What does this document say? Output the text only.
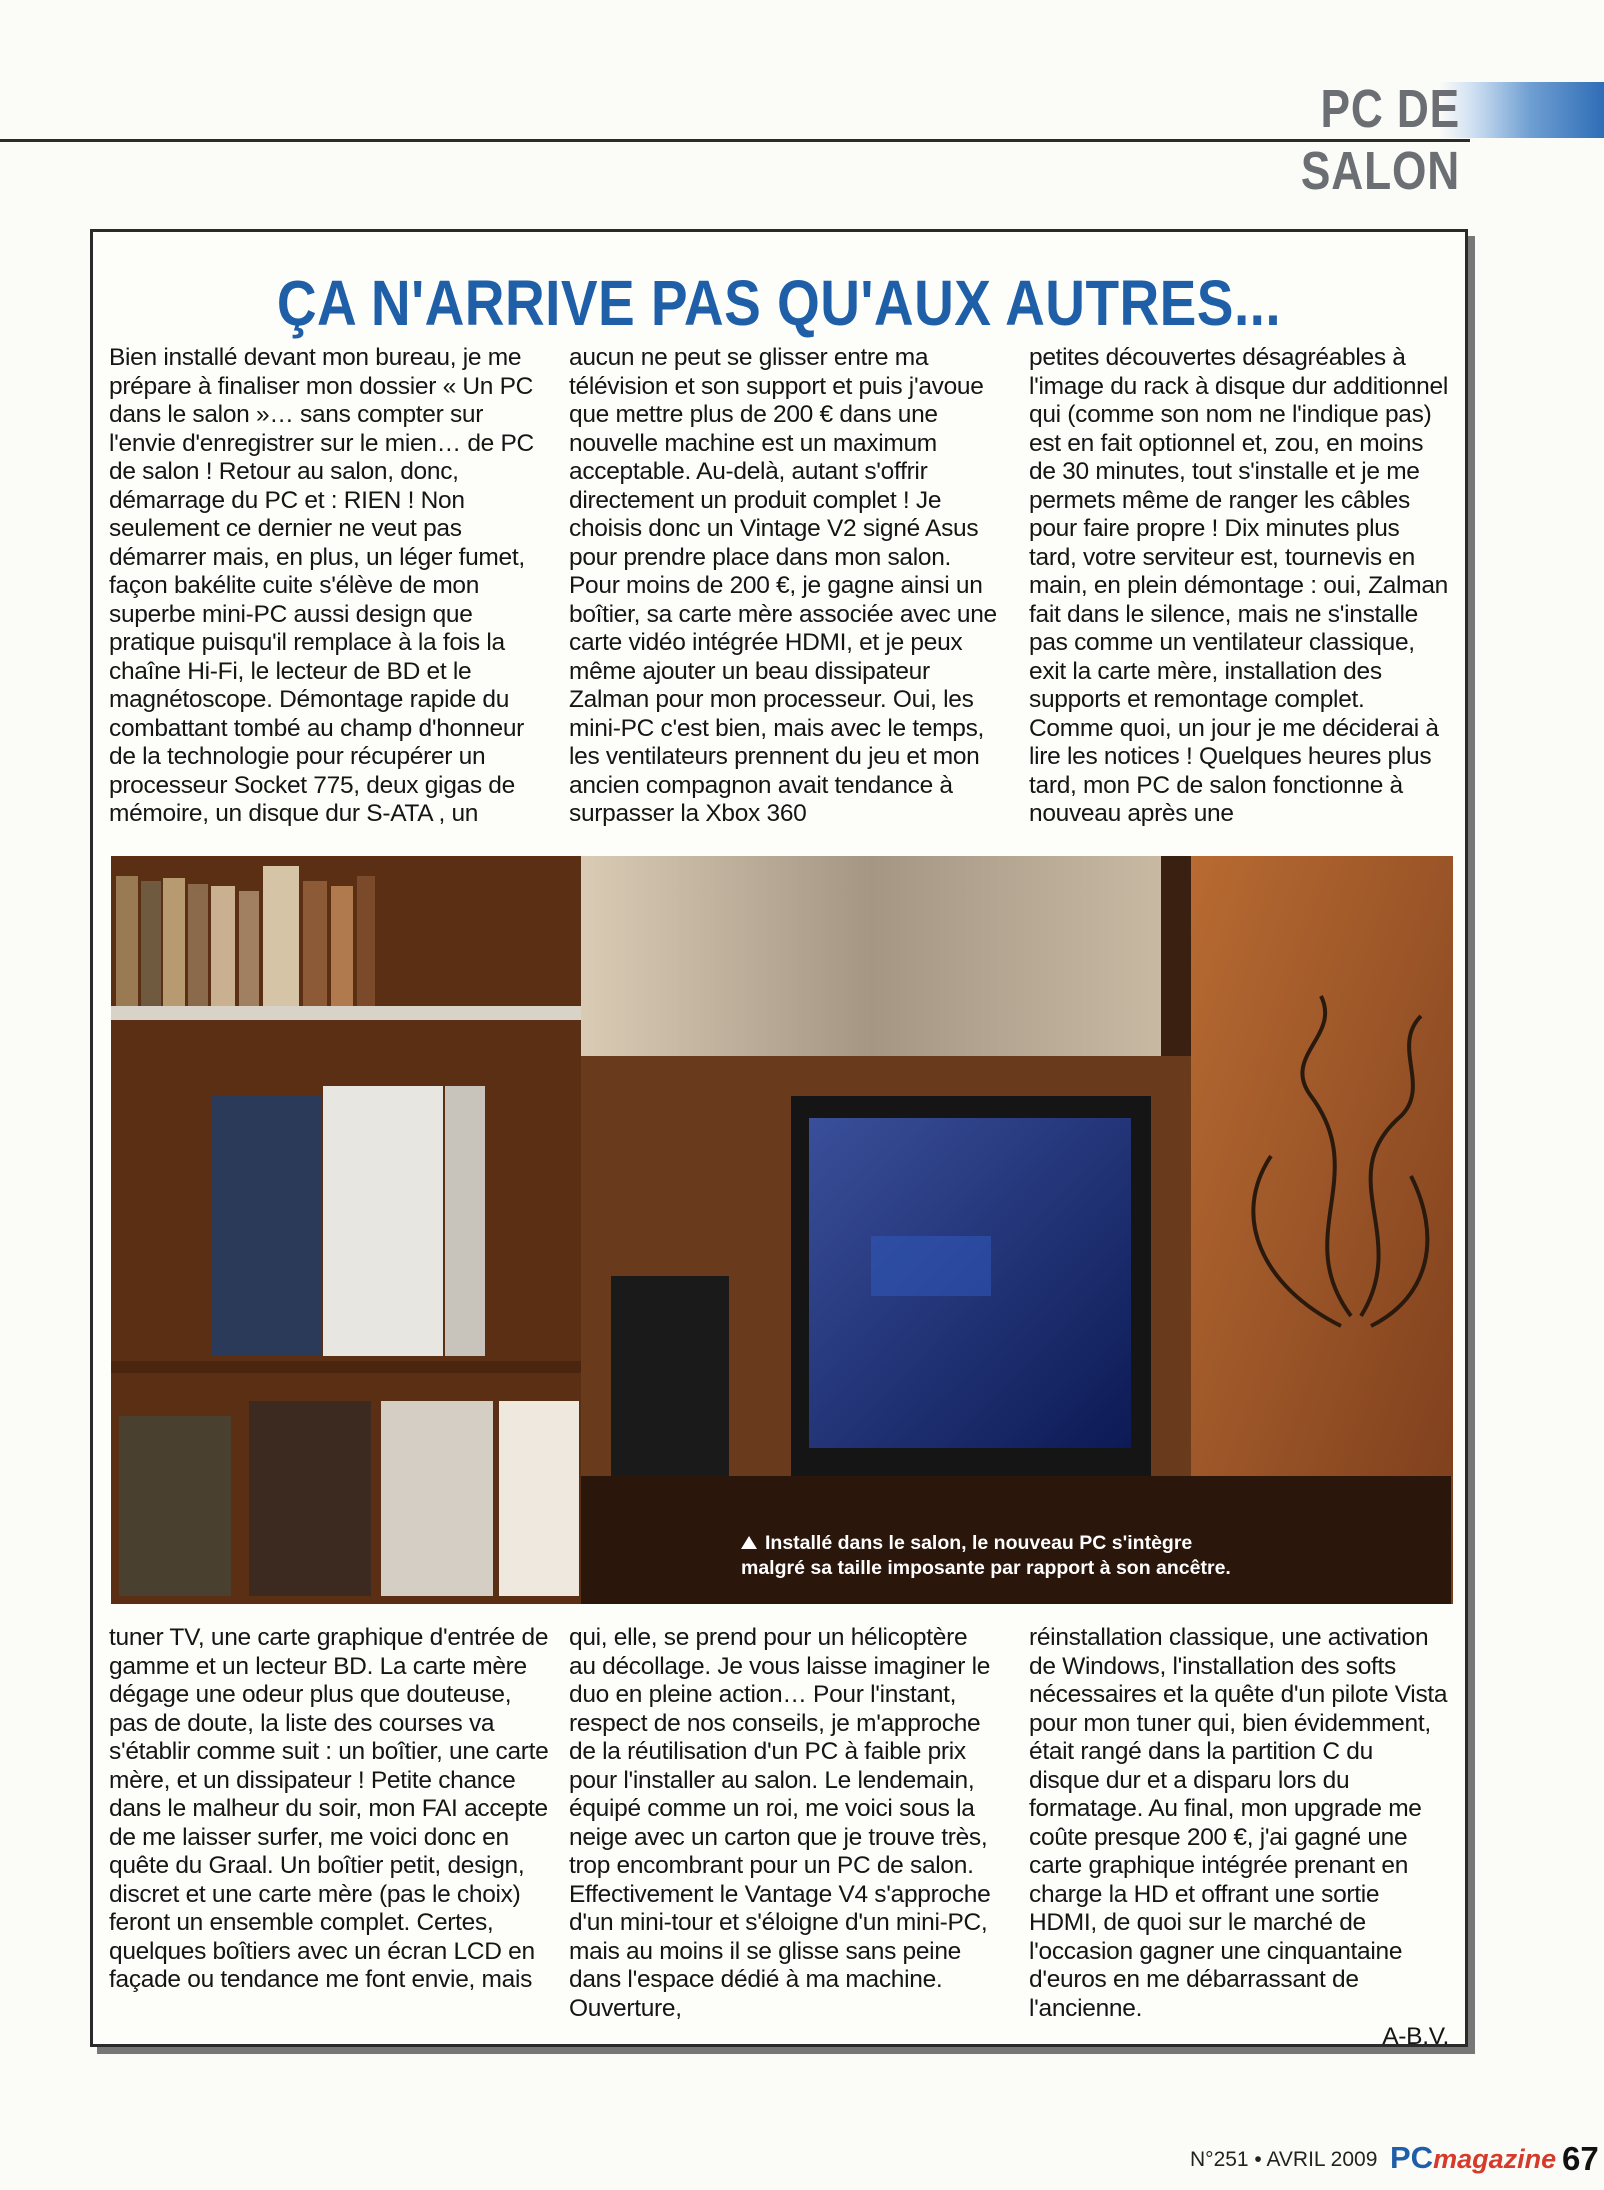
PC DE SALON
ÇA N'ARRIVE PAS QU'AUX AUTRES...

Bien installé devant mon bureau, je me prépare à finaliser mon dossier « Un PC dans le salon »… sans compter sur l'envie d'enregistrer sur le mien… de PC de salon ! Retour au salon, donc, démarrage du PC et : RIEN ! Non seulement ce dernier ne veut pas démarrer mais, en plus, un léger fumet, façon bakélite cuite s'élève de mon superbe mini-PC aussi design que pratique puisqu'il remplace à la fois la chaîne Hi-Fi, le lecteur de BD et le magnétoscope. Démontage rapide du combattant tombé au champ d'honneur de la technologie pour récupérer un processeur Socket 775, deux gigas de mémoire, un disque dur S-ATA , un

aucun ne peut se glisser entre ma télévision et son support et puis j'avoue que mettre plus de 200 € dans une nouvelle machine est un maximum acceptable. Au-delà, autant s'offrir directement un produit complet ! Je choisis donc un Vintage V2 signé Asus pour prendre place dans mon salon. Pour moins de 200 €, je gagne ainsi un boîtier, sa carte mère associée avec une carte vidéo intégrée HDMI, et je peux même ajouter un beau dissipateur Zalman pour mon processeur. Oui, les mini-PC c'est bien, mais avec le temps, les ventilateurs prennent du jeu et mon ancien compagnon avait tendance à surpasser la Xbox 360

petites découvertes désagréables à l'image du rack à disque dur additionnel qui (comme son nom ne l'indique pas) est en fait optionnel et, zou, en moins de 30 minutes, tout s'installe et je me permets même de ranger les câbles pour faire propre ! Dix minutes plus tard, votre serviteur est, tournevis en main, en plein démontage : oui, Zalman fait dans le silence, mais ne s'installe pas comme un ventilateur classique, exit la carte mère, installation des supports et remontage complet. Comme quoi, un jour je me déciderai à lire les notices ! Quelques heures plus tard, mon PC de salon fonctionne à nouveau après une

Installé dans le salon, le nouveau PC s'intègre
malgré sa taille imposante par rapport à son ancêtre.

tuner TV, une carte graphique d'entrée de gamme et un lecteur BD. La carte mère dégage une odeur plus que douteuse, pas de doute, la liste des courses va s'établir comme suit : un boîtier, une carte mère, et un dissipateur ! Petite chance dans le malheur du soir, mon FAI accepte de me laisser surfer, me voici donc en quête du Graal. Un boîtier petit, design, discret et une carte mère (pas le choix) feront un ensemble complet. Certes, quelques boîtiers avec un écran LCD en façade ou tendance me font envie, mais

qui, elle, se prend pour un hélicoptère au décollage. Je vous laisse imaginer le duo en pleine action… Pour l'instant, respect de nos conseils, je m'approche de la réutilisation d'un PC à faible prix pour l'installer au salon. Le lendemain, équipé comme un roi, me voici sous la neige avec un carton que je trouve très, trop encombrant pour un PC de salon. Effectivement le Vantage V4 s'approche d'un mini-tour et s'éloigne d'un mini-PC, mais au moins il se glisse sans peine dans l'espace dédié à ma machine. Ouverture,

réinstallation classique, une activation de Windows, l'installation des softs nécessaires et la quête d'un pilote Vista pour mon tuner qui, bien évidemment, était rangé dans la partition C du disque dur et a disparu lors du formatage. Au final, mon upgrade me coûte presque 200 €, j'ai gagné une carte graphique intégrée prenant en charge la HD et offrant une sortie HDMI, de quoi sur le marché de l'occasion gagner une cinquantaine d'euros en me débarrassant de l'ancienne.

A-B.V.
N°251 • AVRIL 2009 PCmagazine 67
